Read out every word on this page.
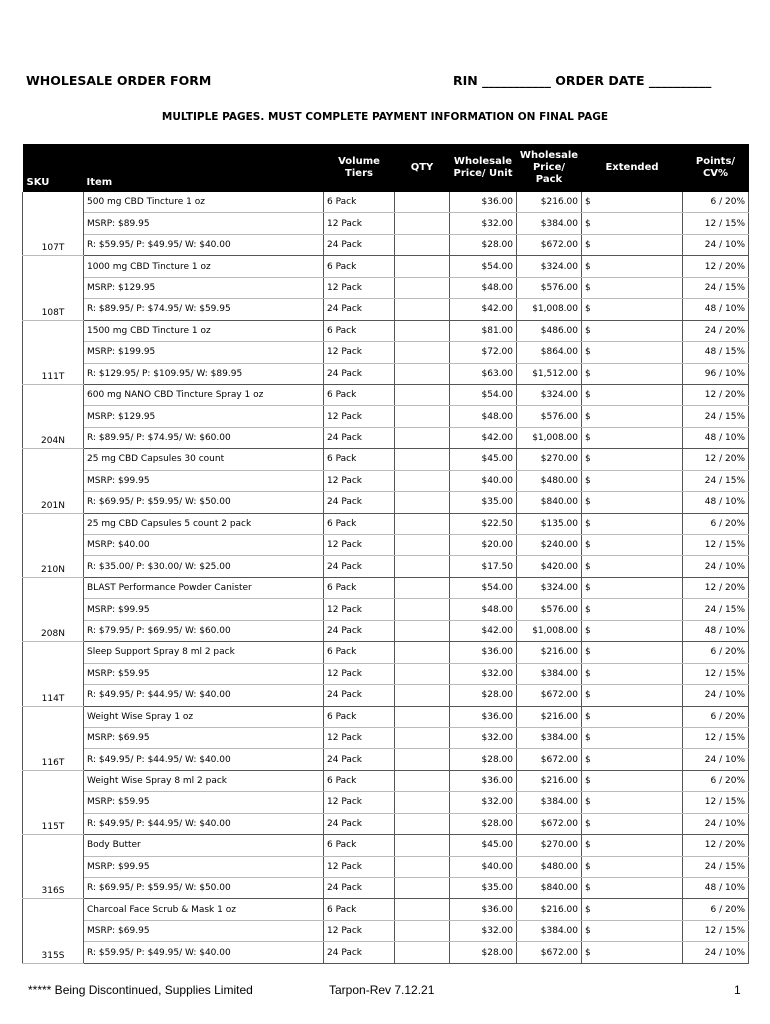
WHOLESALE ORDER FORM	RIN ___________ ORDER DATE __________
MULTIPLE PAGES. MUST COMPLETE PAYMENT INFORMATION ON FINAL PAGE
SKU	Item	Volume Tiers	QTY	Wholesale Price/ Unit	Wholesale Price/ Pack	Extended	Points/ CV%
107T	500 mg CBD Tincture 1 oz	6 Pack		$36.00	$216.00	$	6 / 20%
	MSRP: $89.95	12 Pack		$32.00	$384.00	$	12 / 15%
	R: $59.95/ P: $49.95/ W: $40.00	24 Pack		$28.00	$672.00	$	24 / 10%
108T	1000 mg CBD Tincture 1 oz	6 Pack		$54.00	$324.00	$	12 / 20%
	MSRP: $129.95	12 Pack		$48.00	$576.00	$	24 / 15%
	R: $89.95/ P: $74.95/ W: $59.95	24 Pack		$42.00	$1,008.00	$	48 / 10%
111T	1500 mg CBD Tincture 1 oz	6 Pack		$81.00	$486.00	$	24 / 20%
	MSRP: $199.95	12 Pack		$72.00	$864.00	$	48 / 15%
	R: $129.95/ P: $109.95/ W: $89.95	24 Pack		$63.00	$1,512.00	$	96 / 10%
204N	600 mg NANO CBD Tincture Spray 1 oz	6 Pack		$54.00	$324.00	$	12 / 20%
	MSRP: $129.95	12 Pack		$48.00	$576.00	$	24 / 15%
	R: $89.95/ P: $74.95/ W: $60.00	24 Pack		$42.00	$1,008.00	$	48 / 10%
201N	25 mg CBD Capsules 30 count	6 Pack		$45.00	$270.00	$	12 / 20%
	MSRP: $99.95	12 Pack		$40.00	$480.00	$	24 / 15%
	R: $69.95/ P: $59.95/ W: $50.00	24 Pack		$35.00	$840.00	$	48 / 10%
210N	25 mg CBD Capsules 5 count 2 pack	6 Pack		$22.50	$135.00	$	6 / 20%
	MSRP: $40.00	12 Pack		$20.00	$240.00	$	12 / 15%
	R: $35.00/ P: $30.00/ W: $25.00	24 Pack		$17.50	$420.00	$	24 / 10%
208N	BLAST Performance Powder Canister	6 Pack		$54.00	$324.00	$	12 / 20%
	MSRP: $99.95	12 Pack		$48.00	$576.00	$	24 / 15%
	R: $79.95/ P: $69.95/ W: $60.00	24 Pack		$42.00	$1,008.00	$	48 / 10%
114T	Sleep Support Spray 8 ml 2 pack	6 Pack		$36.00	$216.00	$	6 / 20%
	MSRP: $59.95	12 Pack		$32.00	$384.00	$	12 / 15%
	R: $49.95/ P: $44.95/ W: $40.00	24 Pack		$28.00	$672.00	$	24 / 10%
116T	Weight Wise Spray 1 oz	6 Pack		$36.00	$216.00	$	6 / 20%
	MSRP: $69.95	12 Pack		$32.00	$384.00	$	12 / 15%
	R: $49.95/ P: $44.95/ W: $40.00	24 Pack		$28.00	$672.00	$	24 / 10%
115T	Weight Wise Spray 8 ml 2 pack	6 Pack		$36.00	$216.00	$	6 / 20%
	MSRP: $59.95	12 Pack		$32.00	$384.00	$	12 / 15%
	R: $49.95/ P: $44.95/ W: $40.00	24 Pack		$28.00	$672.00	$	24 / 10%
316S	Body Butter	6 Pack		$45.00	$270.00	$	12 / 20%
	MSRP: $99.95	12 Pack		$40.00	$480.00	$	24 / 15%
	R: $69.95/ P: $59.95/ W: $50.00	24 Pack		$35.00	$840.00	$	48 / 10%
315S	Charcoal Face Scrub & Mask 1 oz	6 Pack		$36.00	$216.00	$	6 / 20%
	MSRP: $69.95	12 Pack		$32.00	$384.00	$	12 / 15%
	R: $59.95/ P: $49.95/ W: $40.00	24 Pack		$28.00	$672.00	$	24 / 10%
***** Being Discontinued, Supplies Limited	Tarpon-Rev 7.12.21	1
